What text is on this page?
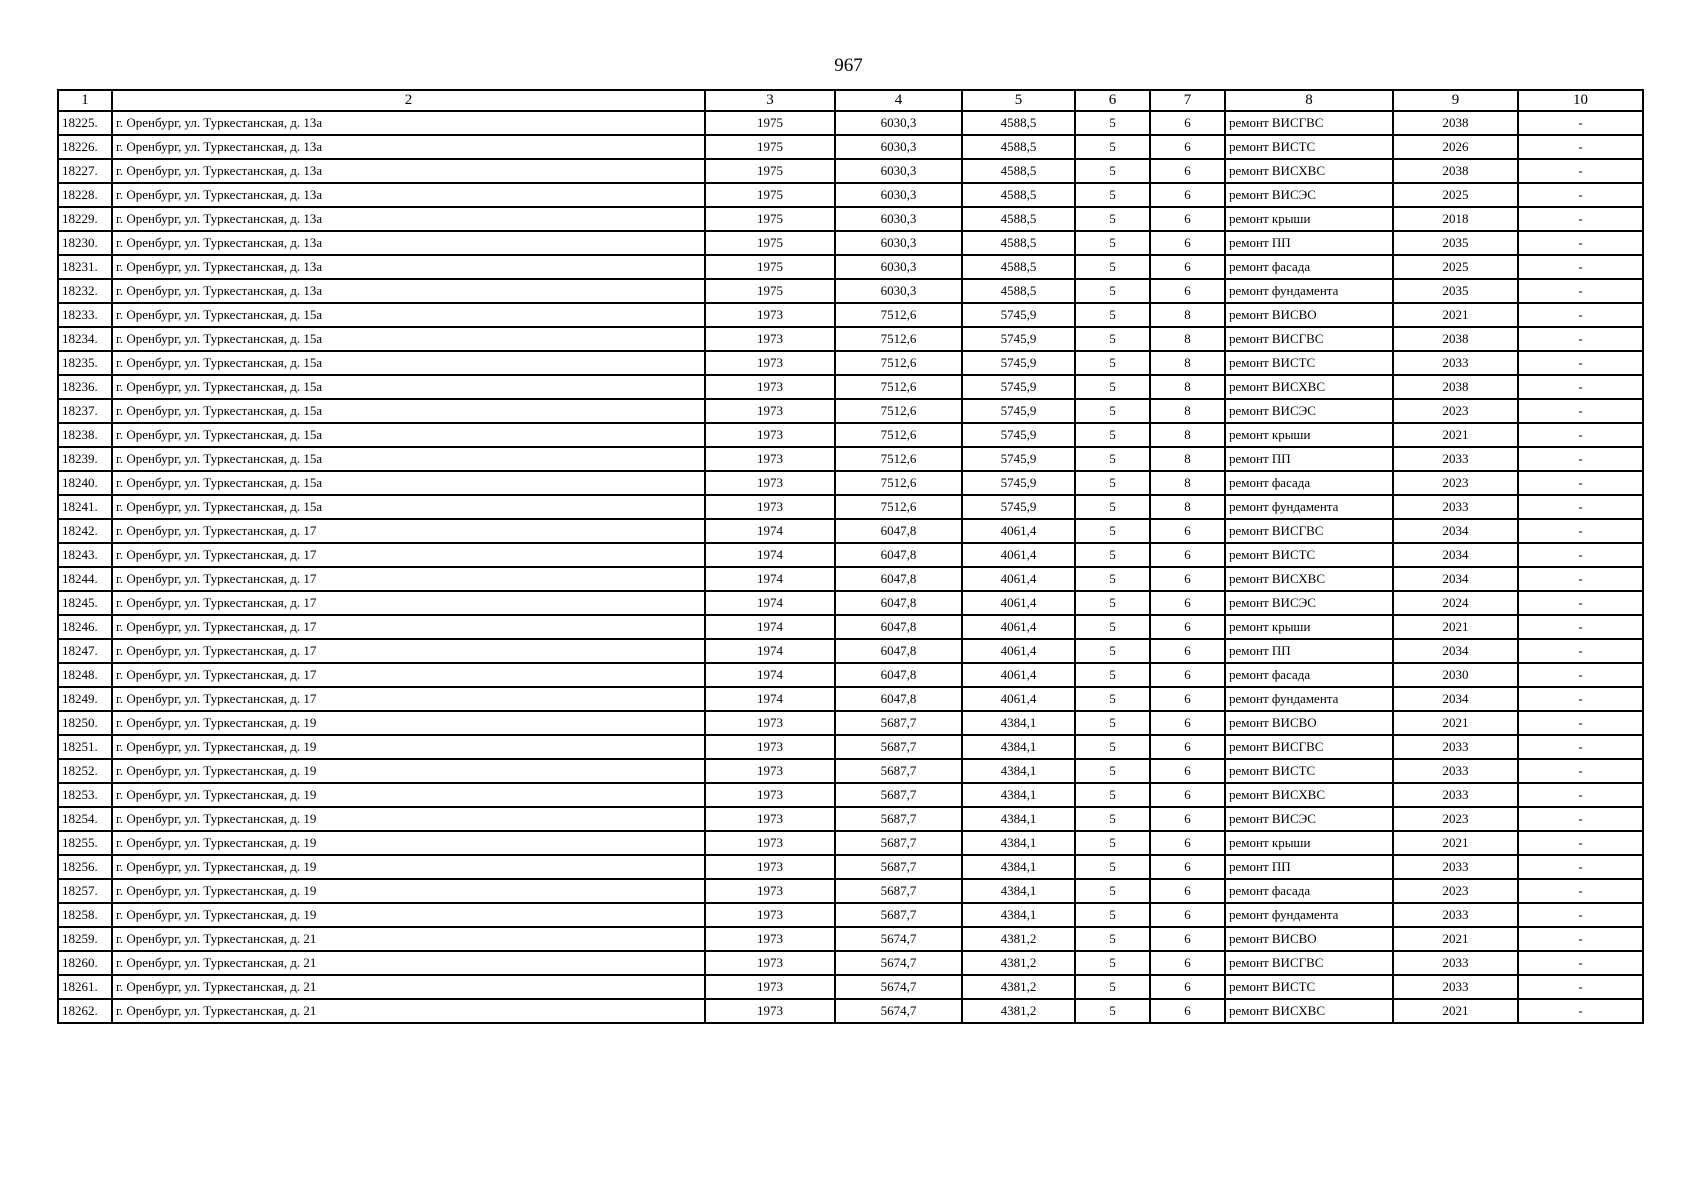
967
1	2	3	4	5	6	7	8	9	10
18225.	г. Оренбург, ул. Туркестанская, д. 13а	1975	6030,3	4588,5	5	6	ремонт ВИСГВС	2038	-
18226.	г. Оренбург, ул. Туркестанская, д. 13а	1975	6030,3	4588,5	5	6	ремонт ВИСТС	2026	-
18227.	г. Оренбург, ул. Туркестанская, д. 13а	1975	6030,3	4588,5	5	6	ремонт ВИСХВС	2038	-
18228.	г. Оренбург, ул. Туркестанская, д. 13а	1975	6030,3	4588,5	5	6	ремонт ВИСЭС	2025	-
18229.	г. Оренбург, ул. Туркестанская, д. 13а	1975	6030,3	4588,5	5	6	ремонт крыши	2018	-
18230.	г. Оренбург, ул. Туркестанская, д. 13а	1975	6030,3	4588,5	5	6	ремонт ПП	2035	-
18231.	г. Оренбург, ул. Туркестанская, д. 13а	1975	6030,3	4588,5	5	6	ремонт фасада	2025	-
18232.	г. Оренбург, ул. Туркестанская, д. 13а	1975	6030,3	4588,5	5	6	ремонт фундамента	2035	-
18233.	г. Оренбург, ул. Туркестанская, д. 15а	1973	7512,6	5745,9	5	8	ремонт ВИСВО	2021	-
18234.	г. Оренбург, ул. Туркестанская, д. 15а	1973	7512,6	5745,9	5	8	ремонт ВИСГВС	2038	-
18235.	г. Оренбург, ул. Туркестанская, д. 15а	1973	7512,6	5745,9	5	8	ремонт ВИСТС	2033	-
18236.	г. Оренбург, ул. Туркестанская, д. 15а	1973	7512,6	5745,9	5	8	ремонт ВИСХВС	2038	-
18237.	г. Оренбург, ул. Туркестанская, д. 15а	1973	7512,6	5745,9	5	8	ремонт ВИСЭС	2023	-
18238.	г. Оренбург, ул. Туркестанская, д. 15а	1973	7512,6	5745,9	5	8	ремонт крыши	2021	-
18239.	г. Оренбург, ул. Туркестанская, д. 15а	1973	7512,6	5745,9	5	8	ремонт ПП	2033	-
18240.	г. Оренбург, ул. Туркестанская, д. 15а	1973	7512,6	5745,9	5	8	ремонт фасада	2023	-
18241.	г. Оренбург, ул. Туркестанская, д. 15а	1973	7512,6	5745,9	5	8	ремонт фундамента	2033	-
18242.	г. Оренбург, ул. Туркестанская, д. 17	1974	6047,8	4061,4	5	6	ремонт ВИСГВС	2034	-
18243.	г. Оренбург, ул. Туркестанская, д. 17	1974	6047,8	4061,4	5	6	ремонт ВИСТС	2034	-
18244.	г. Оренбург, ул. Туркестанская, д. 17	1974	6047,8	4061,4	5	6	ремонт ВИСХВС	2034	-
18245.	г. Оренбург, ул. Туркестанская, д. 17	1974	6047,8	4061,4	5	6	ремонт ВИСЭС	2024	-
18246.	г. Оренбург, ул. Туркестанская, д. 17	1974	6047,8	4061,4	5	6	ремонт крыши	2021	-
18247.	г. Оренбург, ул. Туркестанская, д. 17	1974	6047,8	4061,4	5	6	ремонт ПП	2034	-
18248.	г. Оренбург, ул. Туркестанская, д. 17	1974	6047,8	4061,4	5	6	ремонт фасада	2030	-
18249.	г. Оренбург, ул. Туркестанская, д. 17	1974	6047,8	4061,4	5	6	ремонт фундамента	2034	-
18250.	г. Оренбург, ул. Туркестанская, д. 19	1973	5687,7	4384,1	5	6	ремонт ВИСВО	2021	-
18251.	г. Оренбург, ул. Туркестанская, д. 19	1973	5687,7	4384,1	5	6	ремонт ВИСГВС	2033	-
18252.	г. Оренбург, ул. Туркестанская, д. 19	1973	5687,7	4384,1	5	6	ремонт ВИСТС	2033	-
18253.	г. Оренбург, ул. Туркестанская, д. 19	1973	5687,7	4384,1	5	6	ремонт ВИСХВС	2033	-
18254.	г. Оренбург, ул. Туркестанская, д. 19	1973	5687,7	4384,1	5	6	ремонт ВИСЭС	2023	-
18255.	г. Оренбург, ул. Туркестанская, д. 19	1973	5687,7	4384,1	5	6	ремонт крыши	2021	-
18256.	г. Оренбург, ул. Туркестанская, д. 19	1973	5687,7	4384,1	5	6	ремонт ПП	2033	-
18257.	г. Оренбург, ул. Туркестанская, д. 19	1973	5687,7	4384,1	5	6	ремонт фасада	2023	-
18258.	г. Оренбург, ул. Туркестанская, д. 19	1973	5687,7	4384,1	5	6	ремонт фундамента	2033	-
18259.	г. Оренбург, ул. Туркестанская, д. 21	1973	5674,7	4381,2	5	6	ремонт ВИСВО	2021	-
18260.	г. Оренбург, ул. Туркестанская, д. 21	1973	5674,7	4381,2	5	6	ремонт ВИСГВС	2033	-
18261.	г. Оренбург, ул. Туркестанская, д. 21	1973	5674,7	4381,2	5	6	ремонт ВИСТС	2033	-
18262.	г. Оренбург, ул. Туркестанская, д. 21	1973	5674,7	4381,2	5	6	ремонт ВИСХВС	2021	-
